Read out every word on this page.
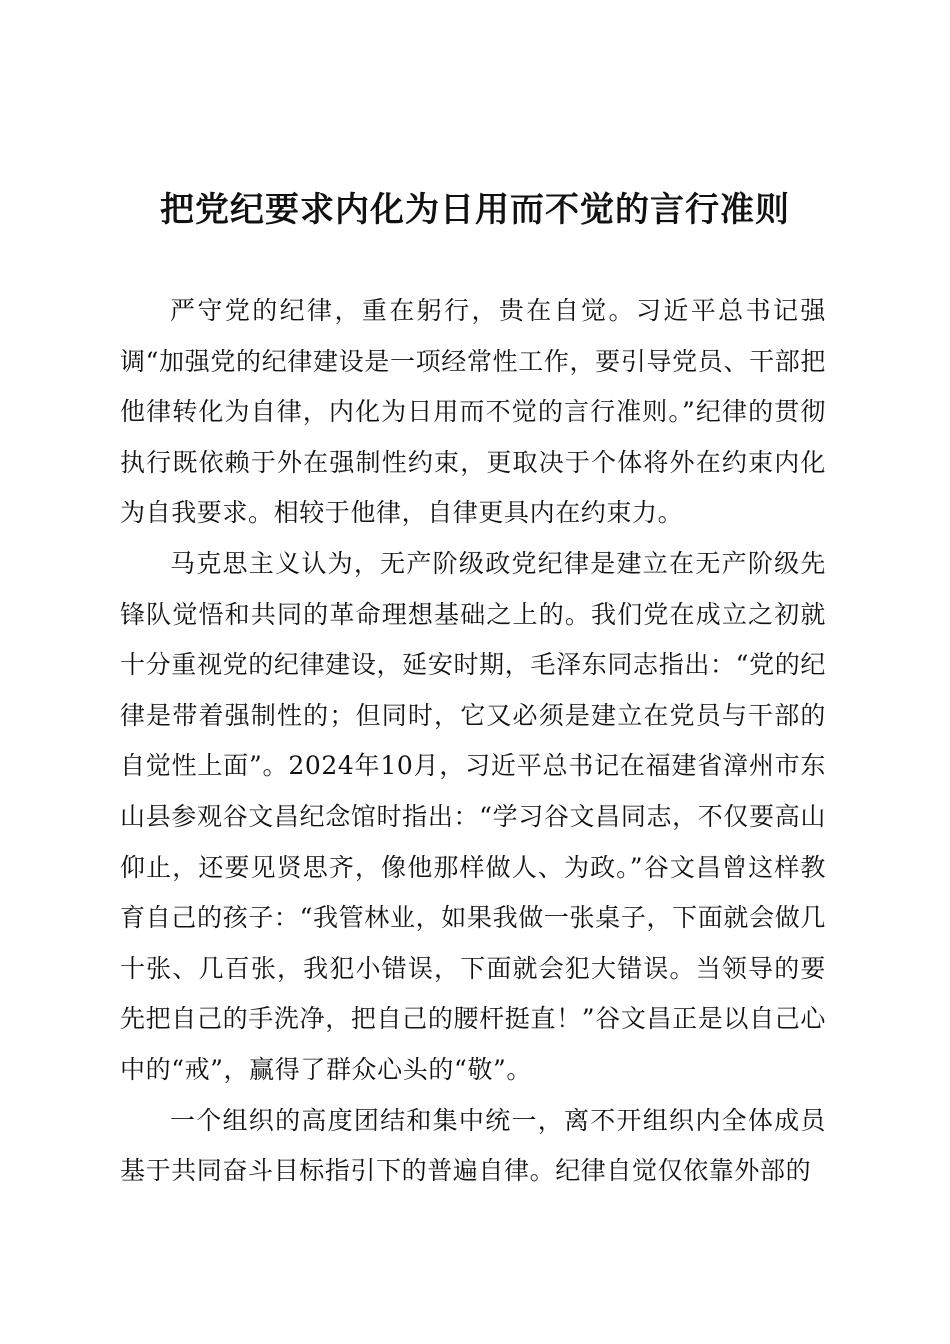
把党纪要求内化为日用而不觉的言行准则

严守党的纪律，重在躬行，贵在自觉。习近平总书记强调“加强党的纪律建设是一项经常性工作，要引导党员、干部把他律转化为自律，内化为日用而不觉的言行准则。”纪律的贯彻执行既依赖于外在强制性约束，更取决于个体将外在约束内化为自我要求。相较于他律，自律更具内在约束力。

马克思主义认为，无产阶级政党纪律是建立在无产阶级先锋队觉悟和共同的革命理想基础之上的。我们党在成立之初就十分重视党的纪律建设，延安时期，毛泽东同志指出：“党的纪律是带着强制性的；但同时，它又必须是建立在党员与干部的自觉性上面”。2024年10月，习近平总书记在福建省漳州市东山县参观谷文昌纪念馆时指出：“学习谷文昌同志，不仅要高山仰止，还要见贤思齐，像他那样做人、为政。”谷文昌曾这样教育自己的孩子：“我管林业，如果我做一张桌子，下面就会做几十张、几百张，我犯小错误，下面就会犯大错误。当领导的要先把自己的手洗净，把自己的腰杆挺直！”谷文昌正是以自己心中的“戒”，赢得了群众心头的“敬”。

一个组织的高度团结和集中统一，离不开组织内全体成员基于共同奋斗目标指引下的普遍自律。纪律自觉仅依靠外部的
